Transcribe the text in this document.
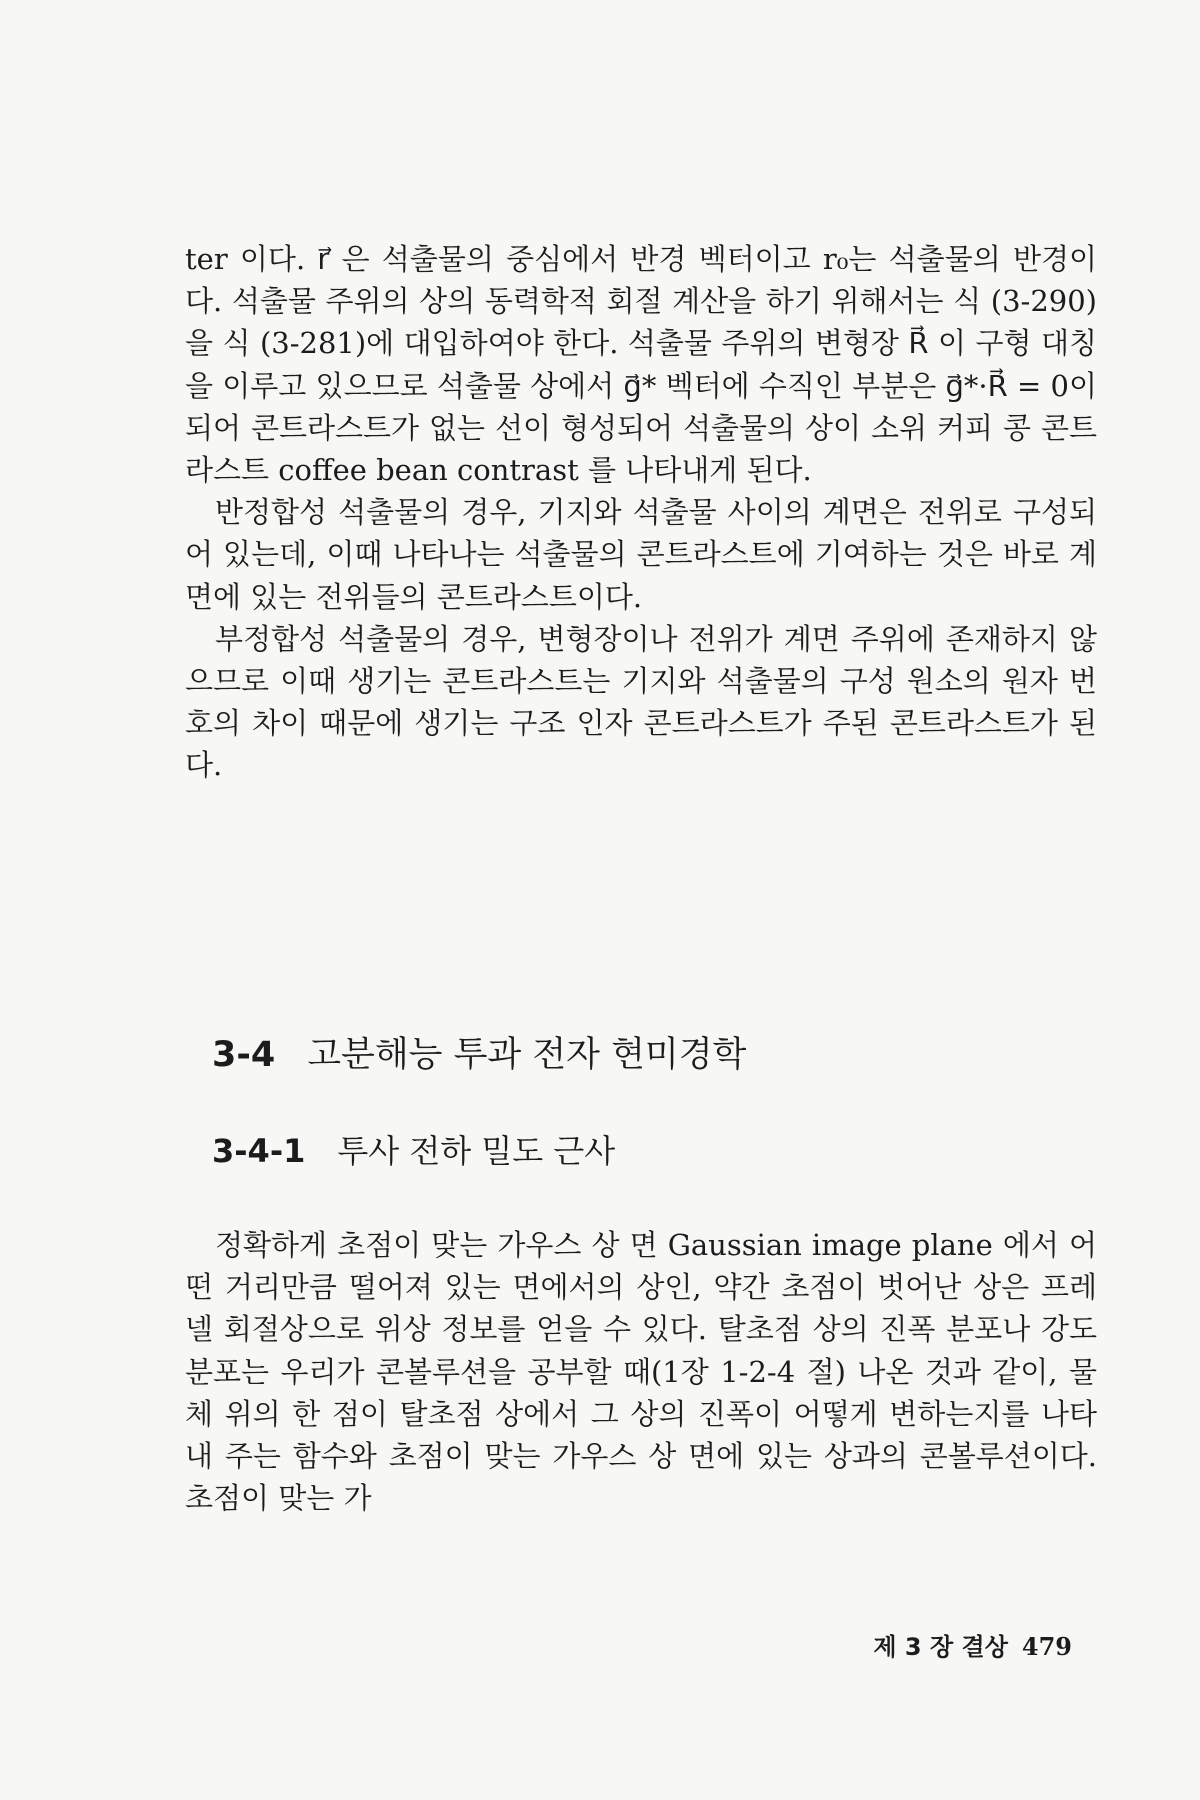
ter 이다. r⃗ 은 석출물의 중심에서 반경 벡터이고 r₀는 석출물의 반경이다. 석출물 주위의 상의 동력학적 회절 계산을 하기 위해서는 식 (3-290)을 식 (3-281)에 대입하여야 한다. 석출물 주위의 변형장 R⃗ 이 구형 대칭을 이루고 있으므로 석출물 상에서 g⃗* 벡터에 수직인 부분은 g⃗*·R⃗ = 0이 되어 콘트라스트가 없는 선이 형성되어 석출물의 상이 소위 커피 콩 콘트라스트 coffee bean contrast 를 나타내게 된다.

반정합성 석출물의 경우, 기지와 석출물 사이의 계면은 전위로 구성되어 있는데, 이때 나타나는 석출물의 콘트라스트에 기여하는 것은 바로 계면에 있는 전위들의 콘트라스트이다.

부정합성 석출물의 경우, 변형장이나 전위가 계면 주위에 존재하지 않으므로 이때 생기는 콘트라스트는 기지와 석출물의 구성 원소의 원자 번호의 차이 때문에 생기는 구조 인자 콘트라스트가 주된 콘트라스트가 된다.

3-4 고분해능 투과 전자 현미경학
3-4-1 투사 전하 밀도 근사

정확하게 초점이 맞는 가우스 상 면 Gaussian image plane 에서 어떤 거리만큼 떨어져 있는 면에서의 상인, 약간 초점이 벗어난 상은 프레넬 회절상으로 위상 정보를 얻을 수 있다. 탈초점 상의 진폭 분포나 강도 분포는 우리가 콘볼루션을 공부할 때(1장 1-2-4 절) 나온 것과 같이, 물체 위의 한 점이 탈초점 상에서 그 상의 진폭이 어떻게 변하는지를 나타내 주는 함수와 초점이 맞는 가우스 상 면에 있는 상과의 콘볼루션이다. 초점이 맞는 가

제 3 장 결상 479
